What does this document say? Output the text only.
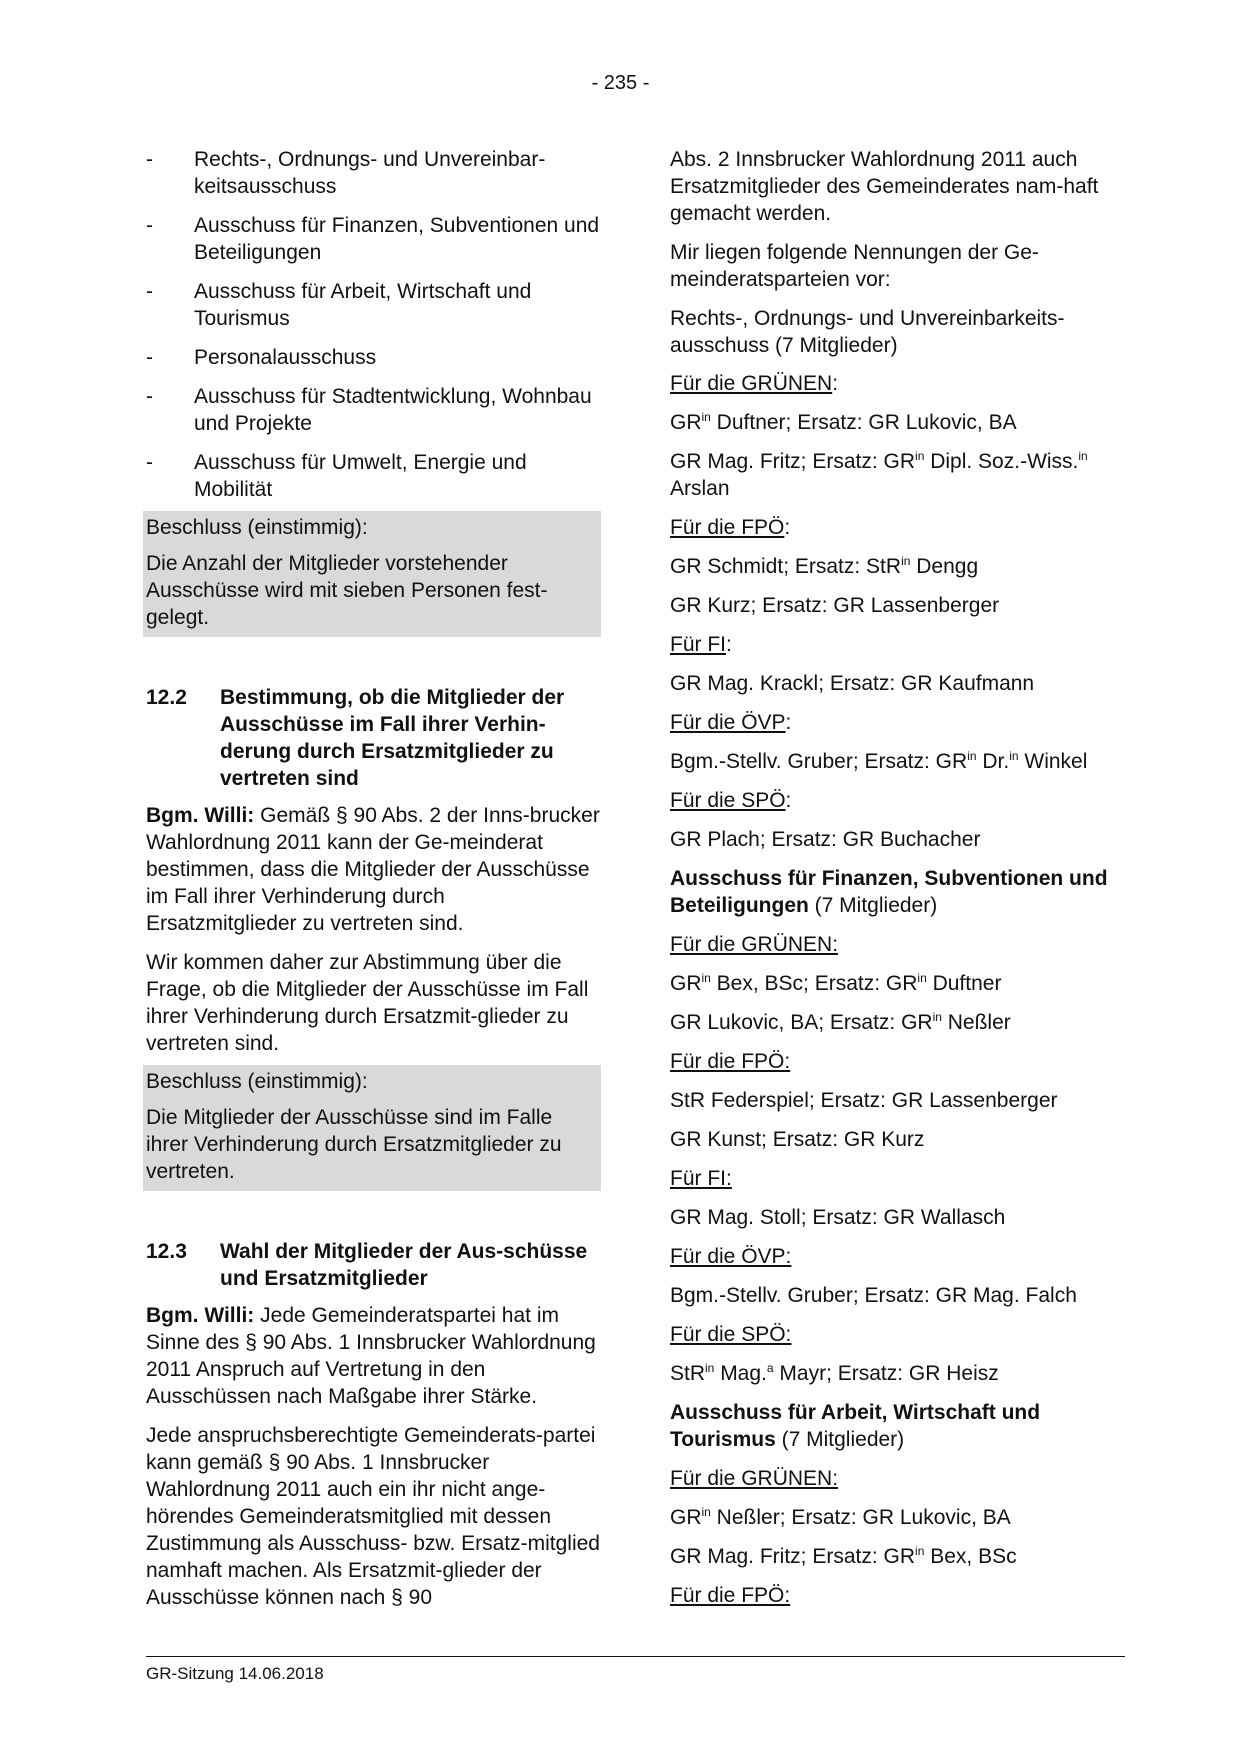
- 235 -
-	Rechts-, Ordnungs- und Unvereinbar-keitsausschuss
-	Ausschuss für Finanzen, Subventionen und Beteiligungen
-	Ausschuss für Arbeit, Wirtschaft und Tourismus
-	Personalausschuss
-	Ausschuss für Stadtentwicklung, Wohnbau und Projekte
-	Ausschuss für Umwelt, Energie und Mobilität
Beschluss (einstimmig):
Die Anzahl der Mitglieder vorstehender Ausschüsse wird mit sieben Personen fest-gelegt.
12.2	Bestimmung, ob die Mitglieder der Ausschüsse im Fall ihrer Verhin-derung durch Ersatzmitglieder zu vertreten sind
Bgm. Willi: Gemäß § 90 Abs. 2 der Inns-brucker Wahlordnung 2011 kann der Ge-meinderat bestimmen, dass die Mitglieder der Ausschüsse im Fall ihrer Verhinderung durch Ersatzmitglieder zu vertreten sind.
Wir kommen daher zur Abstimmung über die Frage, ob die Mitglieder der Ausschüsse im Fall ihrer Verhinderung durch Ersatzmit-glieder zu vertreten sind.
Beschluss (einstimmig):
Die Mitglieder der Ausschüsse sind im Falle ihrer Verhinderung durch Ersatzmitglieder zu vertreten.
12.3	Wahl der Mitglieder der Aus-schüsse und Ersatzmitglieder
Bgm. Willi: Jede Gemeinderatspartei hat im Sinne des § 90 Abs. 1 Innsbrucker Wahlordnung 2011 Anspruch auf Vertretung in den Ausschüssen nach Maßgabe ihrer Stärke.
Jede anspruchsberechtigte Gemeinderats-partei kann gemäß § 90 Abs. 1 Innsbrucker Wahlordnung 2011 auch ein ihr nicht ange-hörendes Gemeinderatsmitglied mit dessen Zustimmung als Ausschuss- bzw. Ersatz-mitglied namhaft machen. Als Ersatzmit-glieder der Ausschüsse können nach § 90
Abs. 2 Innsbrucker Wahlordnung 2011 auch Ersatzmitglieder des Gemeinderates nam-haft gemacht werden.
Mir liegen folgende Nennungen der Ge-meinderatsparteien vor:
Rechts-, Ordnungs- und Unvereinbarkeits-ausschuss (7 Mitglieder)
Für die GRÜNEN:
$GR^{in}$ Duftner; Ersatz: GR Lukovic, BA
GR Mag. Fritz; Ersatz: $GR^{in}$ Dipl. Soz.-Wiss.$^{in}$ Arslan
Für die FPÖ:
GR Schmidt; Ersatz: StR$^{in}$ Dengg
GR Kurz; Ersatz: GR Lassenberger
Für FI:
GR Mag. Krackl; Ersatz: GR Kaufmann
Für die ÖVP:
Bgm.-Stellv. Gruber; Ersatz: $GR^{in}$ Dr.$^{in}$ Winkel
Für die SPÖ:
GR Plach; Ersatz: GR Buchacher
Ausschuss für Finanzen, Subventionen und Beteiligungen (7 Mitglieder)
Für die GRÜNEN:
$GR^{in}$ Bex, BSc; Ersatz: $GR^{in}$ Duftner
GR Lukovic, BA; Ersatz: $GR^{in}$ Neßler
Für die FPÖ:
StR Federspiel; Ersatz: GR Lassenberger
GR Kunst; Ersatz: GR Kurz
Für FI:
GR Mag. Stoll; Ersatz: GR Wallasch
Für die ÖVP:
Bgm.-Stellv. Gruber; Ersatz: GR Mag. Falch
Für die SPÖ:
StR$^{in}$ Mag.$^a$ Mayr; Ersatz: GR Heisz
Ausschuss für Arbeit, Wirtschaft und Tourismus (7 Mitglieder)
Für die GRÜNEN:
$GR^{in}$ Neßler; Ersatz: GR Lukovic, BA
GR Mag. Fritz; Ersatz: $GR^{in}$ Bex, BSc
Für die FPÖ:
GR-Sitzung 14.06.2018
